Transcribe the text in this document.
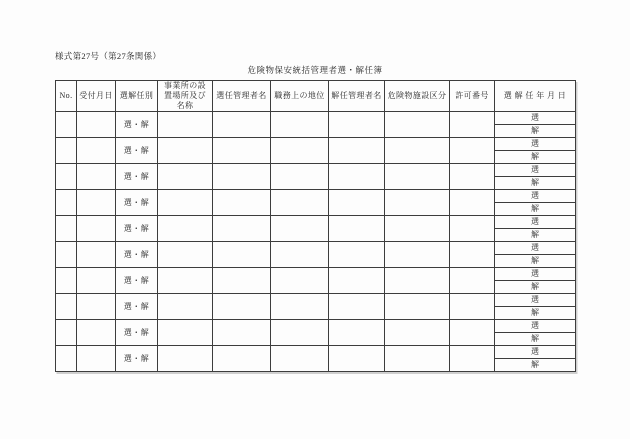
様式第27号（第27条関係）
危険物保安統括管理者選・解任簿
No.	受付月日	選解任別	事業所の設置場所及び名称	選任管理者名	職務上の地位	解任管理者名	危険物施設区分	許可番号	選 解 任 年 月 日
		選・解							選
									解
		選・解							選
									解
		選・解							選
									解
		選・解							選
									解
		選・解							選
									解
		選・解							選
									解
		選・解							選
									解
		選・解							選
									解
		選・解							選
									解
		選・解							選
									解
